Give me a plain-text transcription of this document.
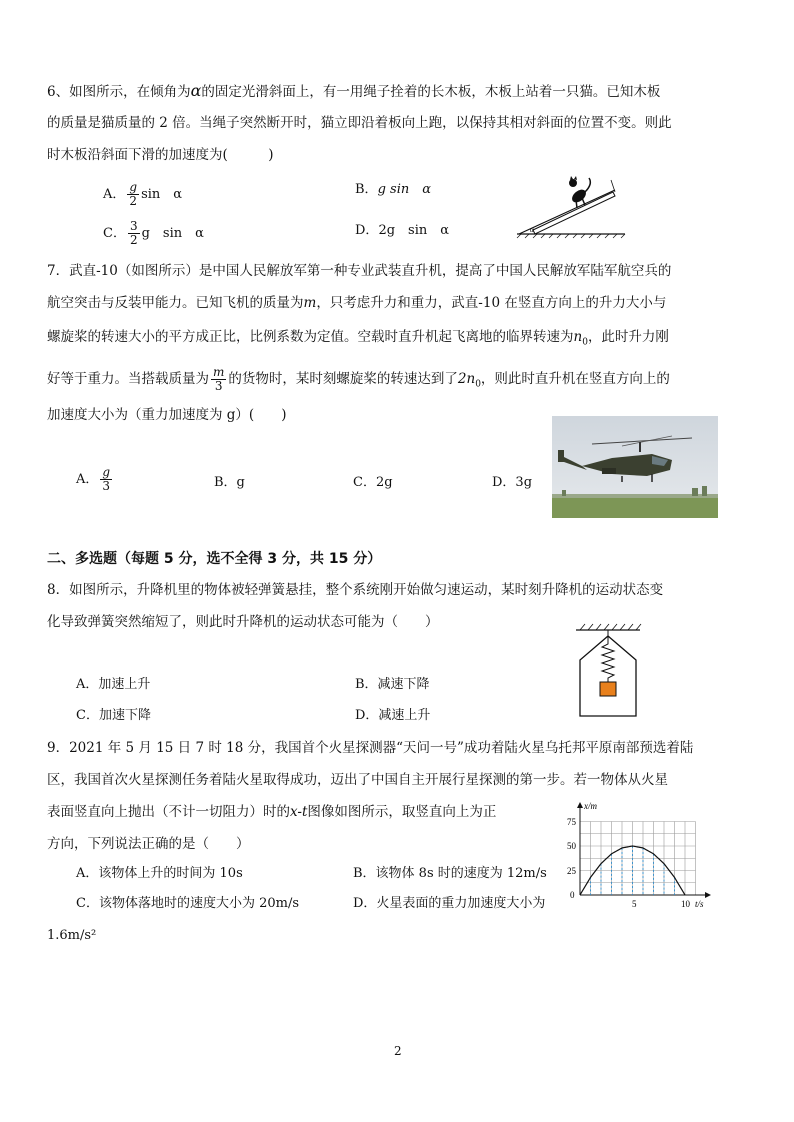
6、如图所示，在倾角为α的固定光滑斜面上，有一用绳子拴着的长木板，木板上站着一只猫。已知木板
的质量是猫质量的 2 倍。当绳子突然断开时，猫立即沿着板向上跑，以保持其相对斜面的位置不变。则此
时木板沿斜面下滑的加速度为(　　　)
A． $\frac{g}{2}$ sin　α	B．g sin　α
C． $\frac{3}{2}$ g　sin　α	D．2g　sin　α	α
7．武直-10（如图所示）是中国人民解放军第一种专业武装直升机，提高了中国人民解放军陆军航空兵的
航空突击与反装甲能力。已知飞机的质量为m，只考虑升力和重力，武直-10 在竖直方向上的升力大小与
螺旋桨的转速大小的平方成正比，比例系数为定值。空载时直升机起飞离地的临界转速为$n_0$，此时升力刚
好等于重力。当搭载质量为 $\frac{m}{3}$ 的货物时，某时刻螺旋桨的转速达到了$2n_0$，则此时直升机在竖直方向上的
加速度大小为（重力加速度为 g）(　　)
A． $\frac{g}{3}$	B．g	C．2g	D．3g
二、多选题（每题 5 分，选不全得 3 分，共 15 分）
8．如图所示，升降机里的物体被轻弹簧悬挂，整个系统刚开始做匀速运动，某时刻升降机的运动状态变
化导致弹簧突然缩短了，则此时升降机的运动状态可能为（　　）
A．加速上升	B．减速下降
C．加速下降	D．减速上升
9．2021 年 5 月 15 日 7 时 18 分，我国首个火星探测器“天问一号”成功着陆火星乌托邦平原南部预选着陆
区，我国首次火星探测任务着陆火星取得成功，迈出了中国自主开展行星探测的第一步。若一物体从火星
表面竖直向上抛出（不计一切阻力）时的x-t图像如图所示，取竖直向上为正
方向，下列说法正确的是（　　）
A．该物体上升的时间为 10s	B．该物体 8s 时的速度为 12m/s
C．该物体落地时的速度大小为 20m/s	D．火星表面的重力加速度大小为
1.6m/s²
x/m
t/s
75
50
25
0
5	10
2
